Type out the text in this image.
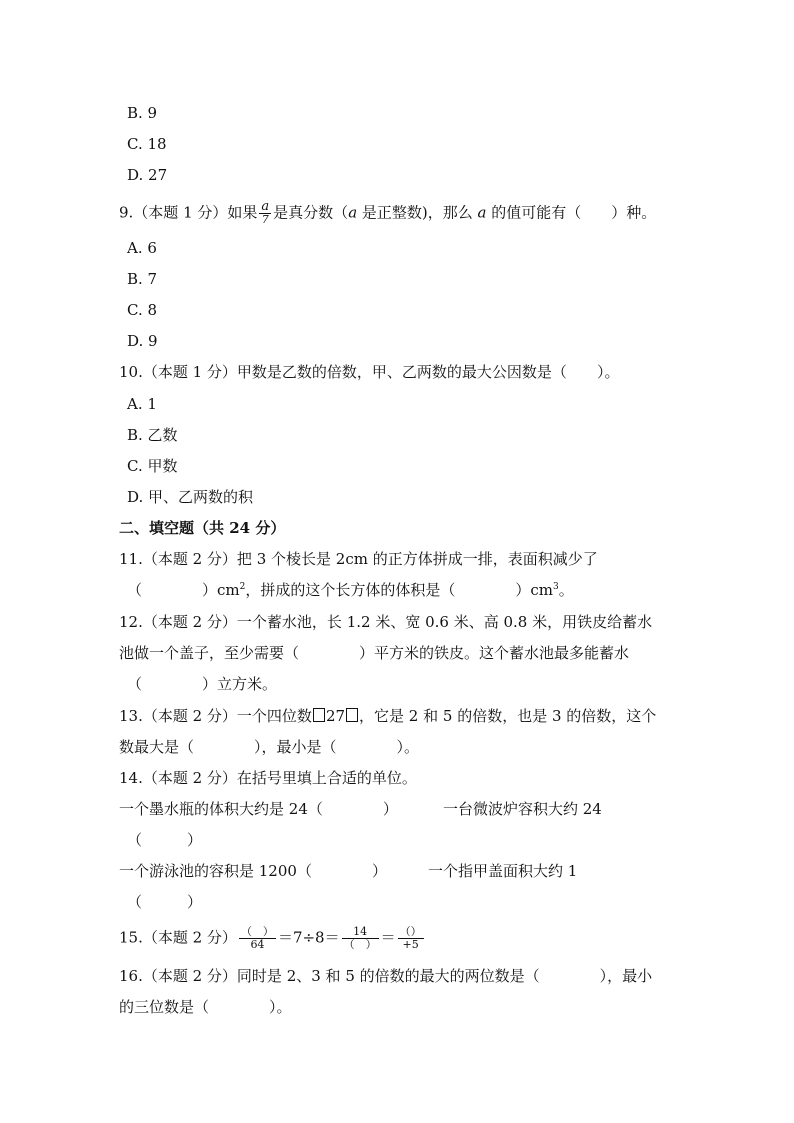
B. 9
C. 18
D. 27
9.（本题 1 分）如果 $\frac{a}{7}$ 是真分数（a 是正整数)，那么 a 的值可能有（　　）种。
A. 6
B. 7
C. 8
D. 9
10.（本题 1 分）甲数是乙数的倍数，甲、乙两数的最大公因数是（　　）。
A. 1
B. 乙数
C. 甲数
D. 甲、乙两数的积
二、填空题（共 24 分）
11.（本题 2 分）把 3 个棱长是 2cm 的正方体拼成一排，表面积减少了
（　　　　）$cm^2$，拼成的这个长方体的体积是（　　　　）$cm^3$。
12.（本题 2 分）一个蓄水池，长 1.2 米、宽 0.6 米、高 0.8 米，用铁皮给蓄水
池做一个盖子，至少需要（　　　　）平方米的铁皮。这个蓄水池最多能蓄水
（　　　　）立方米。
13.（本题 2 分）一个四位数 27 ，它是 2 和 5 的倍数，也是 3 的倍数，这个
数最大是（　　　　），最小是（　　　　）。
14.（本题 2 分）在括号里填上合适的单位。
一个墨水瓶的体积大约是 24（　　　　）	一台微波炉容积大约 24
（　　　）
一个游泳池的容积是 1200（　　　　）	一个指甲盖面积大约 1
（　　　）
15.（本题 2 分） $\frac{( )}{64} =7\div 8= \frac{14}{( )} = \frac{()}{+5}$
16.（本题 2 分）同时是 2、3 和 5 的倍数的最大的两位数是（　　　　），最小
的三位数是（　　　　）。
